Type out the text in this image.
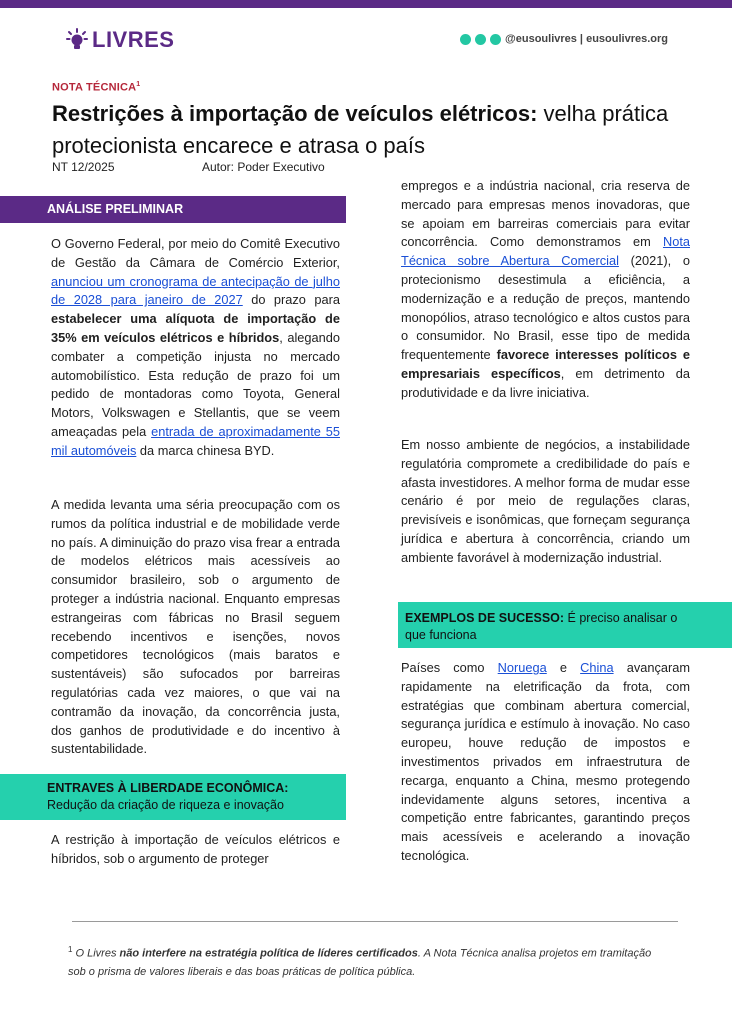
LIVRES	@eusoulivres | eusoulivres.org
NOTA TÉCNICA$^1$
Restrições à importação de veículos elétricos: velha prática protecionista encarece e atrasa o país
NT 12/2025	Autor: Poder Executivo
ANÁLISE PRELIMINAR

O Governo Federal, por meio do Comitê Executivo de Gestão da Câmara de Comércio Exterior, anunciou um cronograma de antecipação de julho de 2028 para janeiro de 2027 do prazo para estabelecer uma alíquota de importação de 35% em veículos elétricos e híbridos, alegando combater a competição injusta no mercado automobilístico. Esta redução de prazo foi um pedido de montadoras como Toyota, General Motors, Volkswagen e Stellantis, que se veem ameaçadas pela entrada de aproximadamente 55 mil automóveis da marca chinesa BYD.

A medida levanta uma séria preocupação com os rumos da política industrial e de mobilidade verde no país. A diminuição do prazo visa frear a entrada de modelos elétricos mais acessíveis ao consumidor brasileiro, sob o argumento de proteger a indústria nacional. Enquanto empresas estrangeiras com fábricas no Brasil seguem recebendo incentivos e isenções, novos competidores tecnológicos (mais baratos e sustentáveis) são sufocados por barreiras regulatórias cada vez maiores, o que vai na contramão da inovação, da concorrência justa, dos ganhos de produtividade e do incentivo à sustentabilidade.

ENTRAVES À LIBERDADE ECONÔMICA:
Redução da criação de riqueza e inovação

A restrição à importação de veículos elétricos e híbridos, sob o argumento de proteger

empregos e a indústria nacional, cria reserva de mercado para empresas menos inovadoras, que se apoiam em barreiras comerciais para evitar concorrência. Como demonstramos em Nota Técnica sobre Abertura Comercial (2021), o protecionismo desestimula a eficiência, a modernização e a redução de preços, mantendo monopólios, atraso tecnológico e altos custos para o consumidor. No Brasil, esse tipo de medida frequentemente favorece interesses políticos e empresariais específicos, em detrimento da produtividade e da livre iniciativa.

Em nosso ambiente de negócios, a instabilidade regulatória compromete a credibilidade do país e afasta investidores. A melhor forma de mudar esse cenário é por meio de regulações claras, previsíveis e isonômicas, que forneçam segurança jurídica e abertura à concorrência, criando um ambiente favorável à modernização industrial.

EXEMPLOS DE SUCESSO: É preciso analisar o que funciona

Países como Noruega e China avançaram rapidamente na eletrificação da frota, com estratégias que combinam abertura comercial, segurança jurídica e estímulo à inovação. No caso europeu, houve redução de impostos e investimentos privados em infraestrutura de recarga, enquanto a China, mesmo protegendo indevidamente alguns setores, incentiva a competição entre fabricantes, garantindo preços mais acessíveis e acelerando a inovação tecnológica.

$^1$ O Livres não interfere na estratégia política de líderes certificados. A Nota Técnica analisa projetos em tramitação sob o prisma de valores liberais e das boas práticas de política pública.
